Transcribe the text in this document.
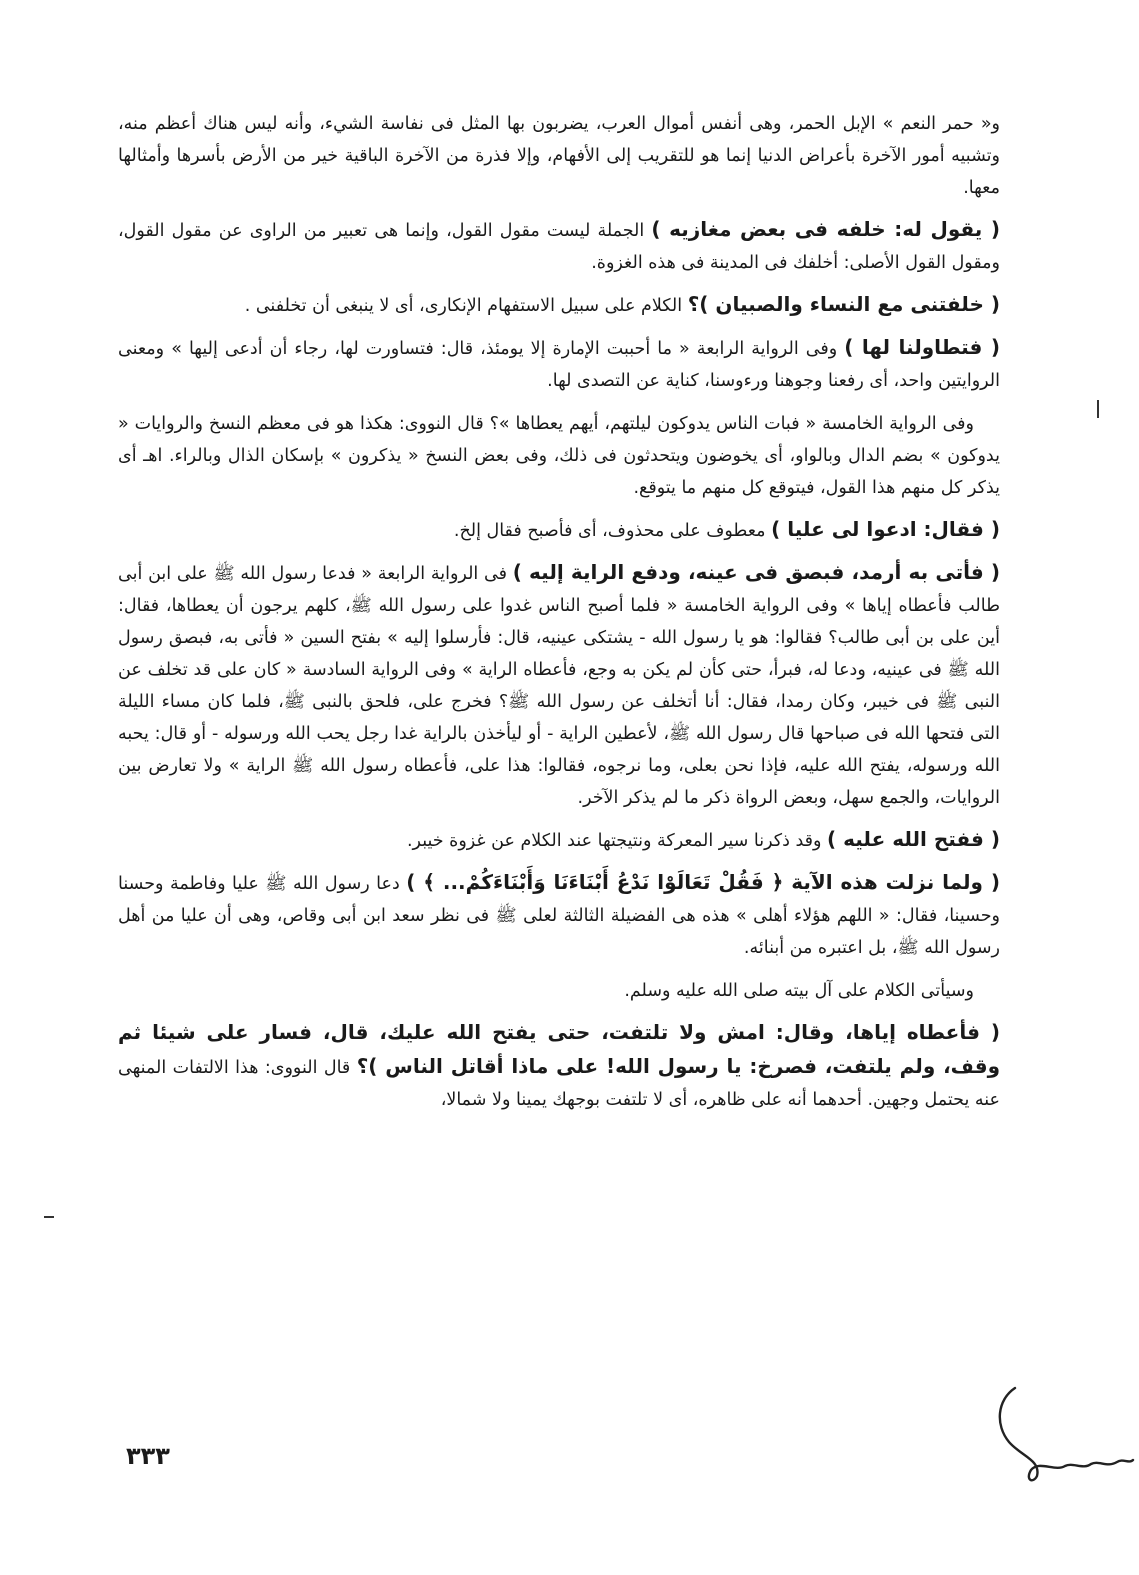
و« حمر النعم » الإبل الحمر، وهى أنفس أموال العرب، يضربون بها المثل فى نفاسة الشيء، وأنه ليس هناك أعظم منه، وتشبيه أمور الآخرة بأعراض الدنيا إنما هو للتقريب إلى الأفهام، وإلا فذرة من الآخرة الباقية خير من الأرض بأسرها وأمثالها معها.

( يقول له: خلفه فى بعض مغازيه ) الجملة ليست مقول القول، وإنما هى تعبير من الراوى عن مقول القول، ومقول القول الأصلى: أخلفك فى المدينة فى هذه الغزوة.

( خلفتنى مع النساء والصبيان )؟ الكلام على سبيل الاستفهام الإنكارى، أى لا ينبغى أن تخلفنى .

( فتطاولنا لها ) وفى الرواية الرابعة « ما أحببت الإمارة إلا يومئذ، قال: فتساورت لها، رجاء أن أدعى إليها » ومعنى الروايتين واحد، أى رفعنا وجوهنا ورءوسنا، كناية عن التصدى لها.

وفى الرواية الخامسة « فبات الناس يدوكون ليلتهم، أيهم يعطاها »؟ قال النووى: هكذا هو فى معظم النسخ والروايات « يدوكون » بضم الدال وبالواو، أى يخوضون ويتحدثون فى ذلك، وفى بعض النسخ « يذكرون » بإسكان الذال وبالراء. اهـ أى يذكر كل منهم هذا القول، فيتوقع كل منهم ما يتوقع.

( فقال: ادعوا لى عليا ) معطوف على محذوف، أى فأصبح فقال إلخ.

( فأتى به أرمد، فبصق فى عينه، ودفع الراية إليه ) فى الرواية الرابعة « فدعا رسول الله ﷺ على ابن أبى طالب فأعطاه إياها » وفى الرواية الخامسة « فلما أصبح الناس غدوا على رسول الله ﷺ، كلهم يرجون أن يعطاها، فقال: أين على بن أبى طالب؟ فقالوا: هو يا رسول الله - يشتكى عينيه، قال: فأرسلوا إليه » بفتح السين « فأتى به، فبصق رسول الله ﷺ فى عينيه، ودعا له، فبرأ، حتى كأن لم يكن به وجع، فأعطاه الراية » وفى الرواية السادسة « كان على قد تخلف عن النبى ﷺ فى خيبر، وكان رمدا، فقال: أنا أتخلف عن رسول الله ﷺ؟ فخرج على، فلحق بالنبى ﷺ، فلما كان مساء الليلة التى فتحها الله فى صباحها قال رسول الله ﷺ، لأعطين الراية - أو ليأخذن بالراية غدا رجل يحب الله ورسوله - أو قال: يحبه الله ورسوله، يفتح الله عليه، فإذا نحن بعلى، وما نرجوه، فقالوا: هذا على، فأعطاه رسول الله ﷺ الراية » ولا تعارض بين الروايات، والجمع سهل، وبعض الرواة ذكر ما لم يذكر الآخر.

( ففتح الله عليه ) وقد ذكرنا سير المعركة ونتيجتها عند الكلام عن غزوة خيبر.

( ولما نزلت هذه الآية ﴿ فَقُلْ تَعَالَوْا نَدْعُ أَبْنَاءَنَا وَأَبْنَاءَكُمْ... ﴾ ) دعا رسول الله ﷺ عليا وفاطمة وحسنا وحسينا، فقال: « اللهم هؤلاء أهلى » هذه هى الفضيلة الثالثة لعلى ﷺ فى نظر سعد ابن أبى وقاص، وهى أن عليا من أهل رسول الله ﷺ، بل اعتبره من أبنائه.

وسيأتى الكلام على آل بيته صلى الله عليه وسلم.

( فأعطاه إياها، وقال: امش ولا تلتفت، حتى يفتح الله عليك، قال، فسار على شيئا ثم وقف، ولم يلتفت، فصرخ: يا رسول الله! على ماذا أقاتل الناس )؟ قال النووى: هذا الالتفات المنهى عنه يحتمل وجهين. أحدهما أنه على ظاهره، أى لا تلتفت بوجهك يمينا ولا شمالا،

٣٣٣
